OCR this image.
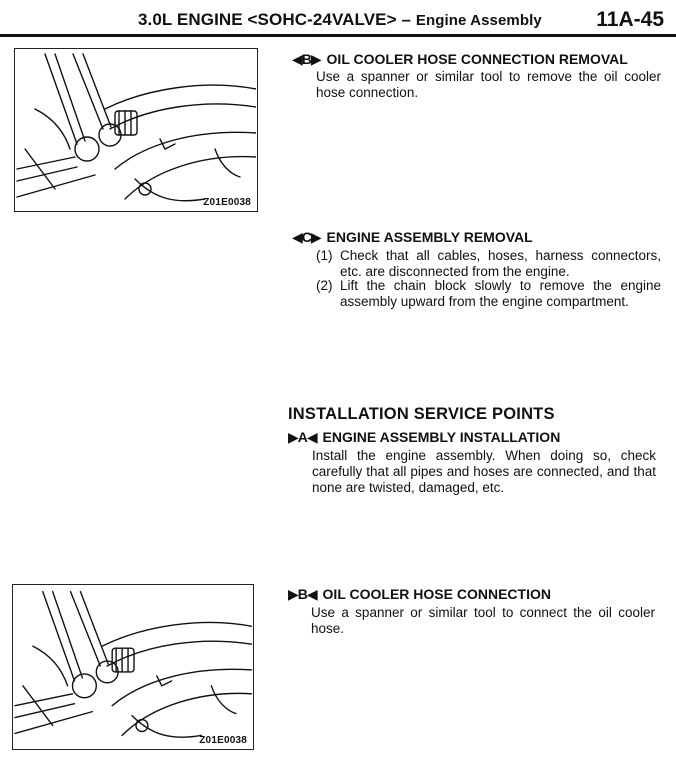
3.0L ENGINE <SOHC-24VALVE> – Engine Assembly	11A-45
Z01E0038
◀B▶ OIL COOLER HOSE CONNECTION REMOVAL
Use a spanner or similar tool to remove the oil cooler hose connection.
◀C▶ ENGINE ASSEMBLY REMOVAL
(1) Check that all cables, hoses, harness connectors, etc. are disconnected from the engine.
(2) Lift the chain block slowly to remove the engine assembly upward from the engine compartment.
INSTALLATION SERVICE POINTS
▶A◀ ENGINE ASSEMBLY INSTALLATION
Install the engine assembly. When doing so, check carefully that all pipes and hoses are connected, and that none are twisted, damaged, etc.
Z01E0038
▶B◀ OIL COOLER HOSE CONNECTION
Use a spanner or similar tool to connect the oil cooler hose.
